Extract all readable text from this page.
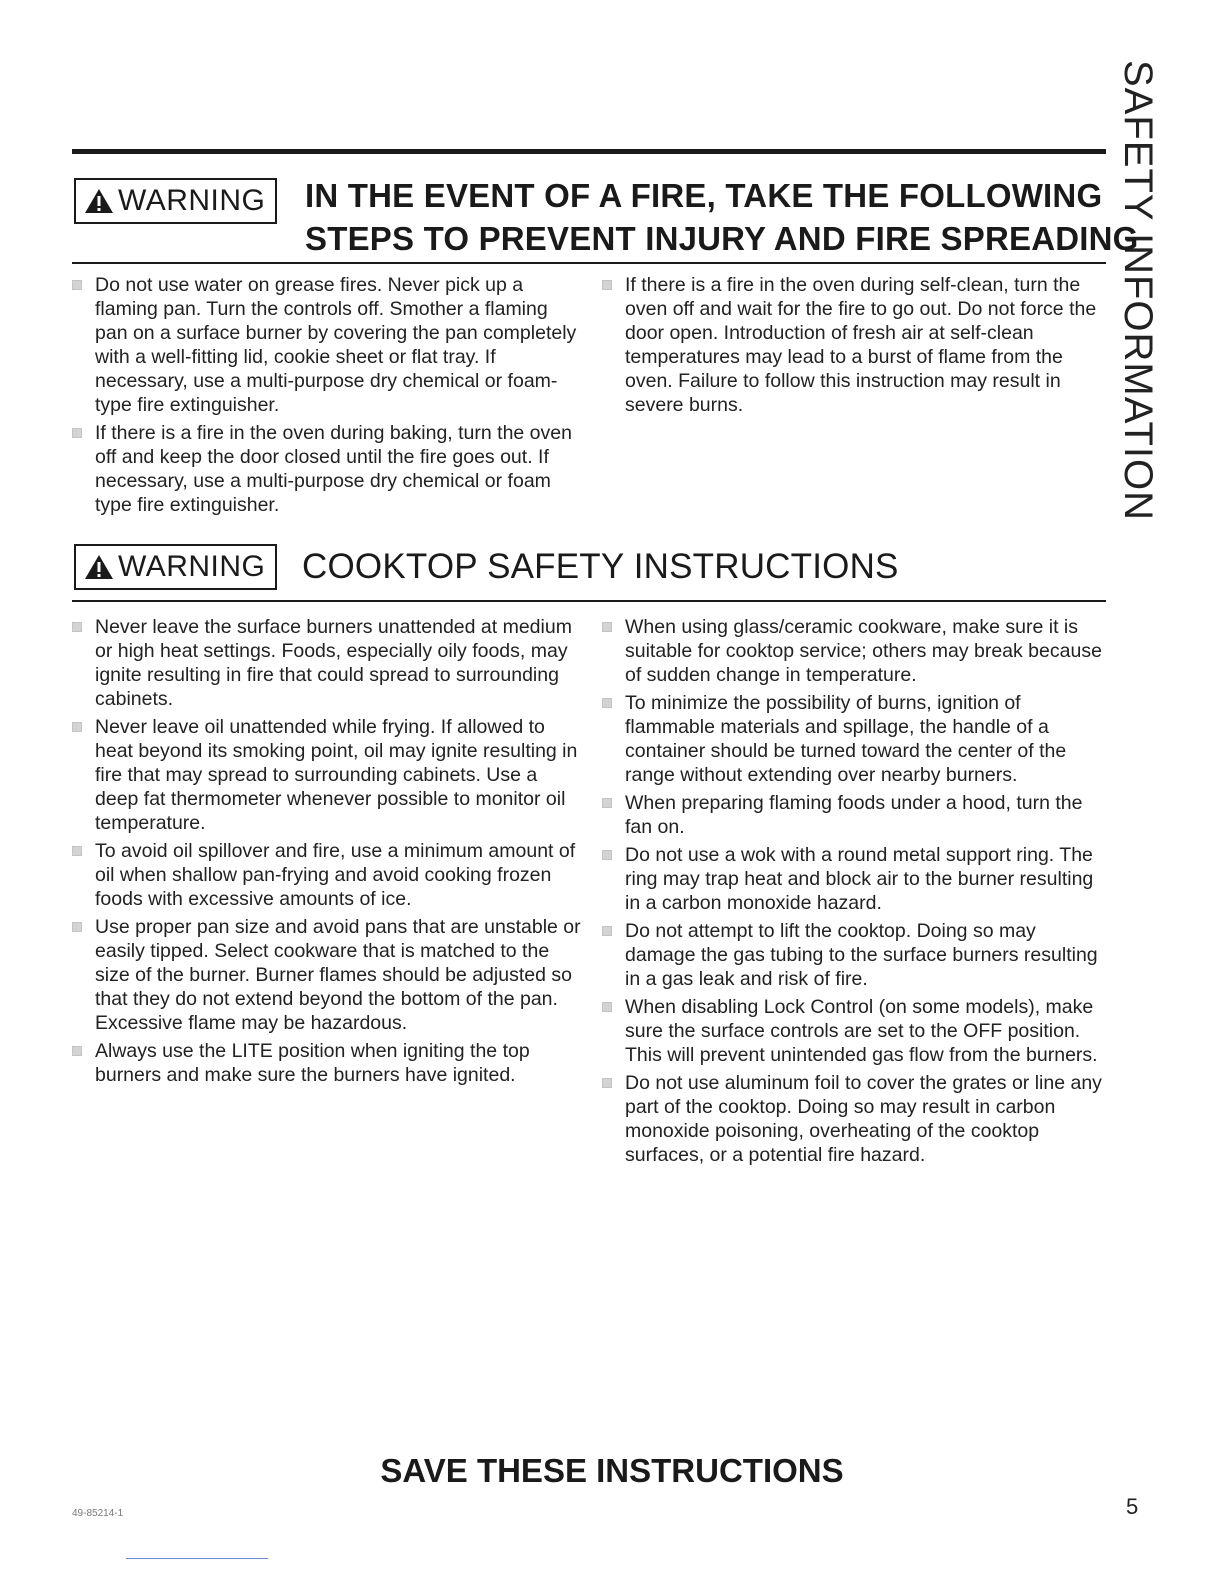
SAFETY INFORMATION
WARNING IN THE EVENT OF A FIRE, TAKE THE FOLLOWING
STEPS TO PREVENT INJURY AND FIRE SPREADING
Do not use water on grease fires. Never pick up a flaming pan. Turn the controls off. Smother a flaming pan on a surface burner by covering the pan completely with a well-fitting lid, cookie sheet or flat tray. If necessary, use a multi-purpose dry chemical or foam-type fire extinguisher.
If there is a fire in the oven during baking, turn the oven off and keep the door closed until the fire goes out. If necessary, use a multi-purpose dry chemical or foam type fire extinguisher.
If there is a fire in the oven during self-clean, turn the oven off and wait for the fire to go out. Do not force the door open. Introduction of fresh air at self-clean temperatures may lead to a burst of flame from the oven. Failure to follow this instruction may result in severe burns.
WARNING COOKTOP SAFETY INSTRUCTIONS
Never leave the surface burners unattended at medium or high heat settings. Foods, especially oily foods, may ignite resulting in fire that could spread to surrounding cabinets.
Never leave oil unattended while frying. If allowed to heat beyond its smoking point, oil may ignite resulting in fire that may spread to surrounding cabinets. Use a deep fat thermometer whenever possible to monitor oil temperature.
To avoid oil spillover and fire, use a minimum amount of oil when shallow pan-frying and avoid cooking frozen foods with excessive amounts of ice.
Use proper pan size and avoid pans that are unstable or easily tipped. Select cookware that is matched to the size of the burner. Burner flames should be adjusted so that they do not extend beyond the bottom of the pan. Excessive flame may be hazardous.
Always use the LITE position when igniting the top burners and make sure the burners have ignited.
When using glass/ceramic cookware, make sure it is suitable for cooktop service; others may break because of sudden change in temperature.
To minimize the possibility of burns, ignition of flammable materials and spillage, the handle of a container should be turned toward the center of the range without extending over nearby burners.
When preparing flaming foods under a hood, turn the fan on.
Do not use a wok with a round metal support ring. The ring may trap heat and block air to the burner resulting in a carbon monoxide hazard.
Do not attempt to lift the cooktop. Doing so may damage the gas tubing to the surface burners resulting in a gas leak and risk of fire.
When disabling Lock Control (on some models), make sure the surface controls are set to the OFF position. This will prevent unintended gas flow from the burners.
Do not use aluminum foil to cover the grates or line any part of the cooktop. Doing so may result in carbon monoxide poisoning, overheating of the cooktop surfaces, or a potential fire hazard.
SAVE THESE INSTRUCTIONS
49-85214-1	5
